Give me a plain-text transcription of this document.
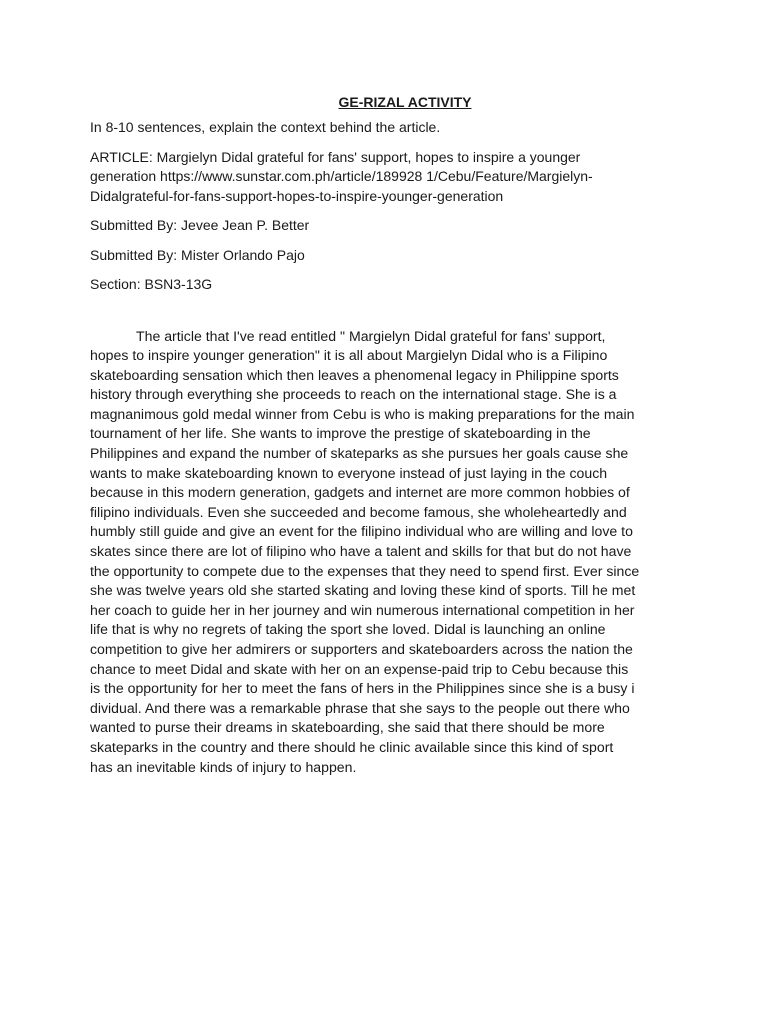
GE-RIZAL ACTIVITY

In 8-10 sentences, explain the context behind the article.

ARTICLE: Margielyn Didal grateful for fans' support, hopes to inspire a younger
generation https://www.sunstar.com.ph/article/189928 1/Cebu/Feature/Margielyn-
Didalgrateful-for-fans-support-hopes-to-inspire-younger-generation

Submitted By: Jevee Jean P. Better

Submitted By: Mister Orlando Pajo

Section: BSN3-13G

The article that I've read entitled " Margielyn Didal grateful for fans' support,
hopes to inspire younger generation" it is all about Margielyn Didal who is a Filipino
skateboarding sensation which then leaves a phenomenal legacy in Philippine sports
history through everything she proceeds to reach on the international stage. She is a
magnanimous gold medal winner from Cebu is who is making preparations for the main
tournament of her life. She wants to improve the prestige of skateboarding in the
Philippines and expand the number of skateparks as she pursues her goals cause she
wants to make skateboarding known to everyone instead of just laying in the couch
because in this modern generation, gadgets and internet are more common hobbies of
filipino individuals. Even she succeeded and become famous, she wholeheartedly and
humbly still guide and give an event for the filipino individual who are willing and love to
skates since there are lot of filipino who have a talent and skills for that but do not have
the opportunity to compete due to the expenses that they need to spend first. Ever since
she was twelve years old she started skating and loving these kind of sports. Till he met
her coach to guide her in her journey and win numerous international competition in her
life that is why no regrets of taking the sport she loved. Didal is launching an online
competition to give her admirers or supporters and skateboarders across the nation the
chance to meet Didal and skate with her on an expense-paid trip to Cebu because this
is the opportunity for her to meet the fans of hers in the Philippines since she is a busy i
dividual. And there was a remarkable phrase that she says to the people out there who
wanted to purse their dreams in skateboarding, she said that there should be more
skateparks in the country and there should he clinic available since this kind of sport
has an inevitable kinds of injury to happen.
